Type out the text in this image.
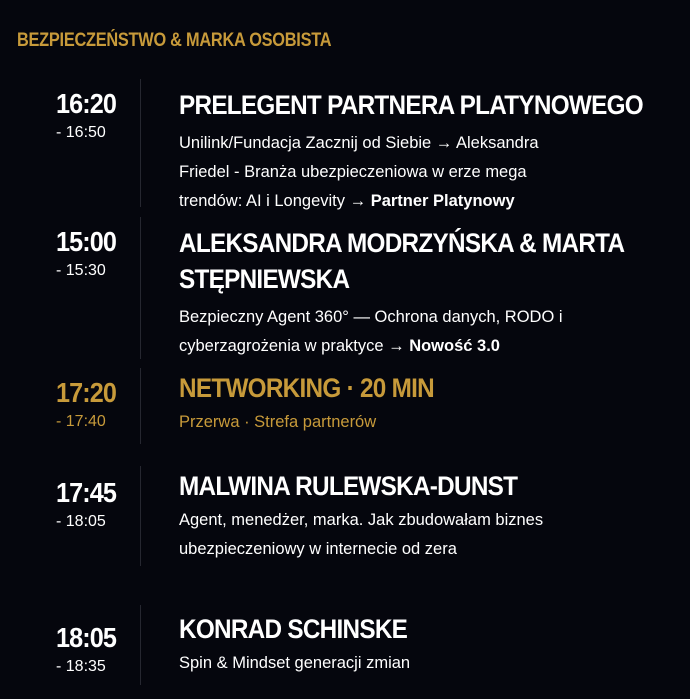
BEZPIECZEŃSTWO & MARKA OSOBISTA
16:20
- 16:50
PRELEGENT PARTNERA PLATYNOWEGO
Unilink/Fundacja Zacznij od Siebie → Aleksandra
Friedel - Branża ubezpieczeniowa w erze mega
trendów: AI i Longevity → Partner Platynowy
15:00
- 15:30
ALEKSANDRA MODRZYŃSKA & MARTA
STĘPNIEWSKA
Bezpieczny Agent 360° — Ochrona danych, RODO i
cyberzagrożenia w praktyce → Nowość 3.0
17:20
- 17:40
NETWORKING · 20 MIN
Przerwa · Strefa partnerów
17:45
- 18:05
MALWINA RULEWSKA-DUNST
Agent, menedżer, marka. Jak zbudowałam biznes
ubezpieczeniowy w internecie od zera
18:05
- 18:35
KONRAD SCHINSKE
Spin & Mindset generacji zmian
